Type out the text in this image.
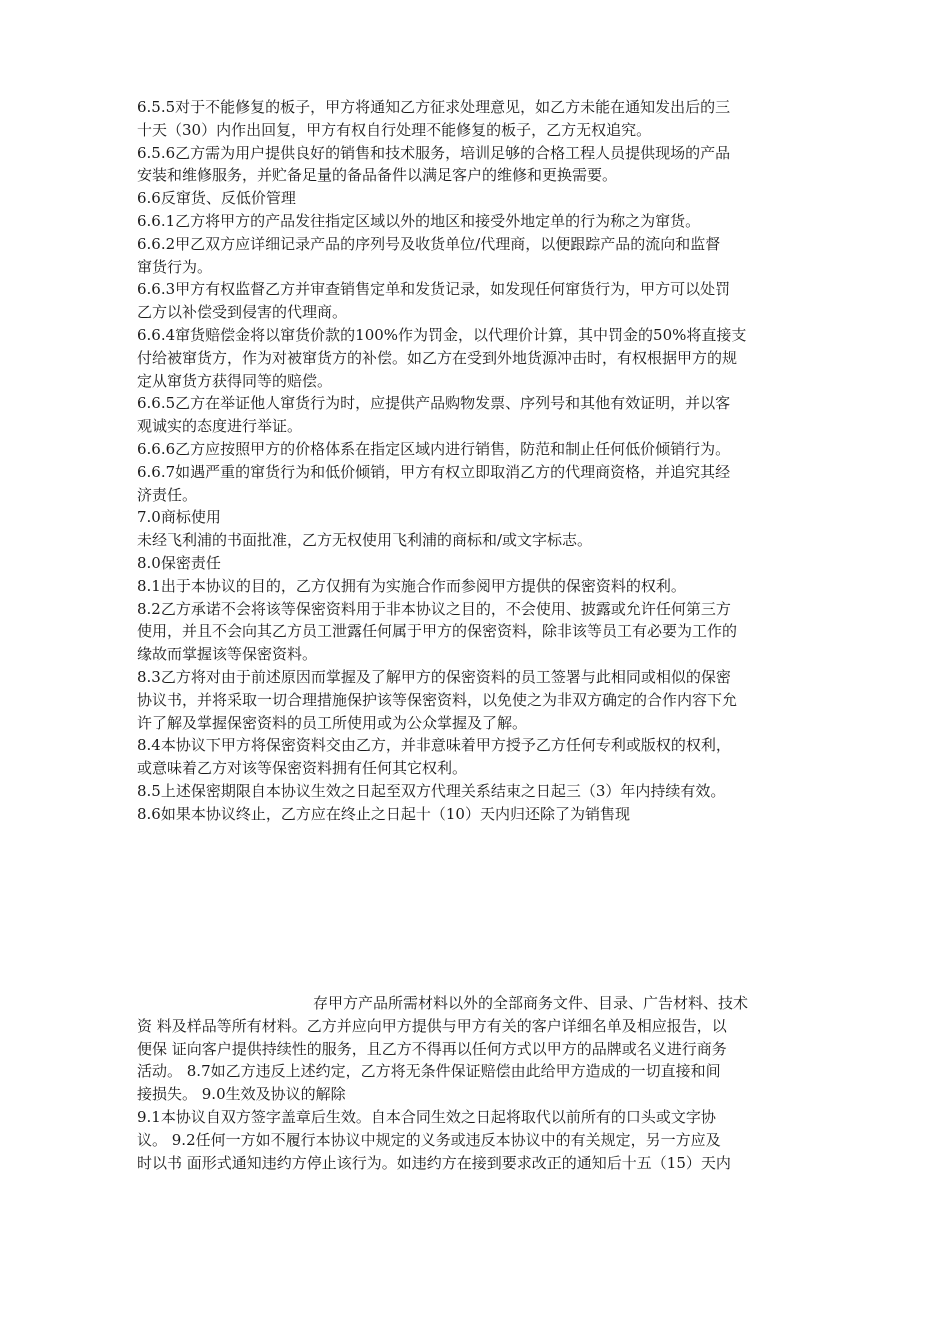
6.5.5对于不能修复的板子，甲方将通知乙方征求处理意见，如乙方未能在通知发出后的三
十天（30）内作出回复，甲方有权自行处理不能修复的板子，乙方无权追究。
6.5.6乙方需为用户提供良好的销售和技术服务，培训足够的合格工程人员提供现场的产品
安装和维修服务，并贮备足量的备品备件以满足客户的维修和更换需要。
6.6反窜货、反低价管理
6.6.1乙方将甲方的产品发往指定区域以外的地区和接受外地定单的行为称之为窜货。
6.6.2甲乙双方应详细记录产品的序列号及收货单位/代理商，以便跟踪产品的流向和监督
窜货行为。
6.6.3甲方有权监督乙方并审查销售定单和发货记录，如发现任何窜货行为，甲方可以处罚
乙方以补偿受到侵害的代理商。
6.6.4窜货赔偿金将以窜货价款的100%作为罚金，以代理价计算，其中罚金的50%将直接支
付给被窜货方，作为对被窜货方的补偿。如乙方在受到外地货源冲击时，有权根据甲方的规
定从窜货方获得同等的赔偿。
6.6.5乙方在举证他人窜货行为时，应提供产品购物发票、序列号和其他有效证明，并以客
观诚实的态度进行举证。
6.6.6乙方应按照甲方的价格体系在指定区域内进行销售，防范和制止任何低价倾销行为。
6.6.7如遇严重的窜货行为和低价倾销，甲方有权立即取消乙方的代理商资格，并追究其经
济责任。
7.0商标使用
未经飞利浦的书面批准，乙方无权使用飞利浦的商标和/或文字标志。
8.0保密责任
8.1出于本协议的目的，乙方仅拥有为实施合作而参阅甲方提供的保密资料的权利。
8.2乙方承诺不会将该等保密资料用于非本协议之目的，不会使用、披露或允许任何第三方
使用，并且不会向其乙方员工泄露任何属于甲方的保密资料，除非该等员工有必要为工作的
缘故而掌握该等保密资料。
8.3乙方将对由于前述原因而掌握及了解甲方的保密资料的员工签署与此相同或相似的保密
协议书，并将采取一切合理措施保护该等保密资料，以免使之为非双方确定的合作内容下允
许了解及掌握保密资料的员工所使用或为公众掌握及了解。
8.4本协议下甲方将保密资料交由乙方，并非意味着甲方授予乙方任何专利或版权的权利，
或意味着乙方对该等保密资料拥有任何其它权利。
8.5上述保密期限自本协议生效之日起至双方代理关系结束之日起三（3）年内持续有效。
8.6如果本协议终止，乙方应在终止之日起十（10）天内归还除了为销售现
存甲方产品所需材料以外的全部商务文件、目录、广告材料、技术
资 料及样品等所有材料。乙方并应向甲方提供与甲方有关的客户详细名单及相应报告，以
便保 证向客户提供持续性的服务，且乙方不得再以任何方式以甲方的品牌或名义进行商务
活动。 8.7如乙方违反上述约定，乙方将无条件保证赔偿由此给甲方造成的一切直接和间
接损失。 9.0生效及协议的解除
9.1本协议自双方签字盖章后生效。自本合同生效之日起将取代以前所有的口头或文字协
议。 9.2任何一方如不履行本协议中规定的义务或违反本协议中的有关规定，另一方应及
时以书 面形式通知违约方停止该行为。如违约方在接到要求改正的通知后十五（15）天内
